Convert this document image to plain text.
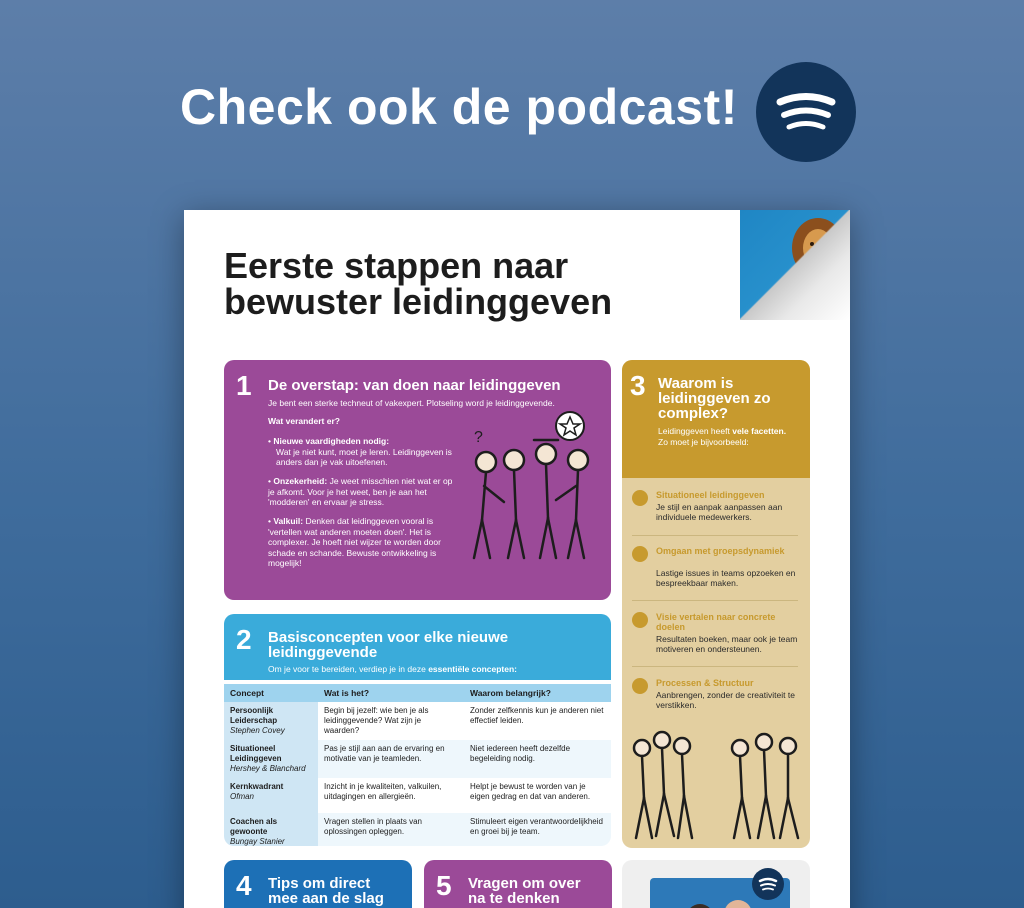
Check ook de podcast!
Eerste stappen naar
bewuster leidinggeven
1 De overstap: van doen naar leidinggeven
Je bent een sterke techneut of vakexpert. Plotseling word je leidinggevende.
Wat verandert er?
• Nieuwe vaardigheden nodig:
Wat je niet kunt, moet je leren. Leidinggeven is anders dan je vak uitoefenen.
• Onzekerheid: Je weet misschien niet wat er op je afkomt. Voor je het weet, ben je aan het 'modderen' en ervaar je stress.
• Valkuil: Denken dat leidinggeven vooral is 'vertellen wat anderen moeten doen'. Het is complexer. Je hoeft niet wijzer te worden door schade en schande. Bewuste ontwikkeling is mogelijk!
?
2 Basisconcepten voor elke nieuwe
leidinggevende
Om je voor te bereiden, verdiep je in deze essentiële concepten:
Concept	Wat is het?	Waarom belangrijk?

Persoonlijk Leiderschap
Stephen Covey	Begin bij jezelf: wie ben je als leidinggevende? Wat zijn je waarden?	Zonder zelfkennis kun je anderen niet effectief leiden.

Situationeel Leidinggeven
Hershey & Blanchard	Pas je stijl aan aan de ervaring en motivatie van je teamleden.	Niet iedereen heeft dezelfde begeleiding nodig.

Kernkwadrant
Ofman	Inzicht in je kwaliteiten, valkuilen, uitdagingen en allergieën.	Helpt je bewust te worden van je eigen gedrag en dat van anderen.

Coachen als gewoonte
Bungay Stanier	Vragen stellen in plaats van oplossingen opleggen.	Stimuleert eigen verantwoordelijkheid en groei bij je team.
3 Waarom is leidinggeven zo complex?
Leidinggeven heeft vele facetten.
Zo moet je bijvoorbeeld:
Situationeel leidinggeven
Je stijl en aanpak aanpassen aan individuele medewerkers.
Omgaan met groepsdynamiek
Lastige issues in teams opzoeken en bespreekbaar maken.
Visie vertalen naar concrete doelen
Resultaten boeken, maar ook je team motiveren en ondersteunen.
Processen & Structuur
Aanbrengen, zonder de creativiteit te verstikken.
4 Tips om direct
mee aan de slag	5 Vragen om over
na te denken
